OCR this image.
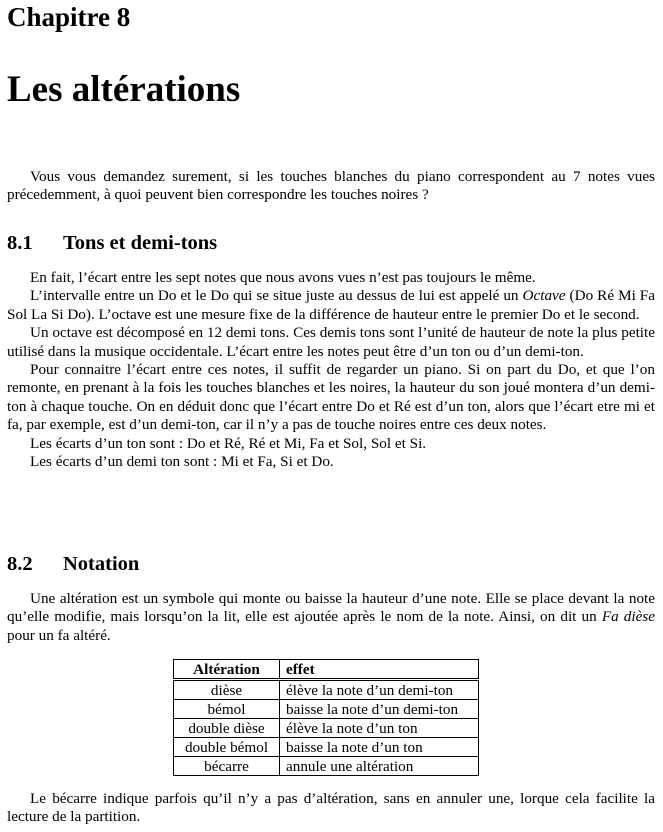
Chapitre 8
Les altérations

Vous vous demandez surement, si les touches blanches du piano correspondent au 7 notes vues précedemment, à quoi peuvent bien correspondre les touches noires ?

8.1 Tons et demi-tons

En fait, l’écart entre les sept notes que nous avons vues n’est pas toujours le même.

L’intervalle entre un Do et le Do qui se situe juste au dessus de lui est appelé un Octave (Do Ré Mi Fa Sol La Si Do). L’octave est une mesure fixe de la différence de hauteur entre le premier Do et le second.

Un octave est décomposé en 12 demi tons. Ces demis tons sont l’unité de hauteur de note la plus petite utilisé dans la musique occidentale. L’écart entre les notes peut être d’un ton ou d’un demi-ton.

Pour connaitre l’écart entre ces notes, il suffit de regarder un piano. Si on part du Do, et que l’on remonte, en prenant à la fois les touches blanches et les noires, la hauteur du son joué montera d’un demi-ton à chaque touche. On en déduit donc que l’écart entre Do et Ré est d’un ton, alors que l’écart etre mi et fa, par exemple, est d’un demi-ton, car il n’y a pas de touche noires entre ces deux notes.

Les écarts d’un ton sont : Do et Ré, Ré et Mi, Fa et Sol, Sol et Si.

Les écarts d’un demi ton sont : Mi et Fa, Si et Do.

8.2 Notation

Une altération est un symbole qui monte ou baisse la hauteur d’une note. Elle se place devant la note qu’elle modifie, mais lorsqu’on la lit, elle est ajoutée après le nom de la note. Ainsi, on dit un Fa dièse pour un fa altéré.

Altération	effet
dièse	élève la note d’un demi-ton
bémol	baisse la note d’un demi-ton
double dièse	élève la note d’un ton
double bémol	baisse la note d’un ton
bécarre	annule une altération

Le bécarre indique parfois qu’il n’y a pas d’altération, sans en annuler une, lorque cela facilite la lecture de la partition.
